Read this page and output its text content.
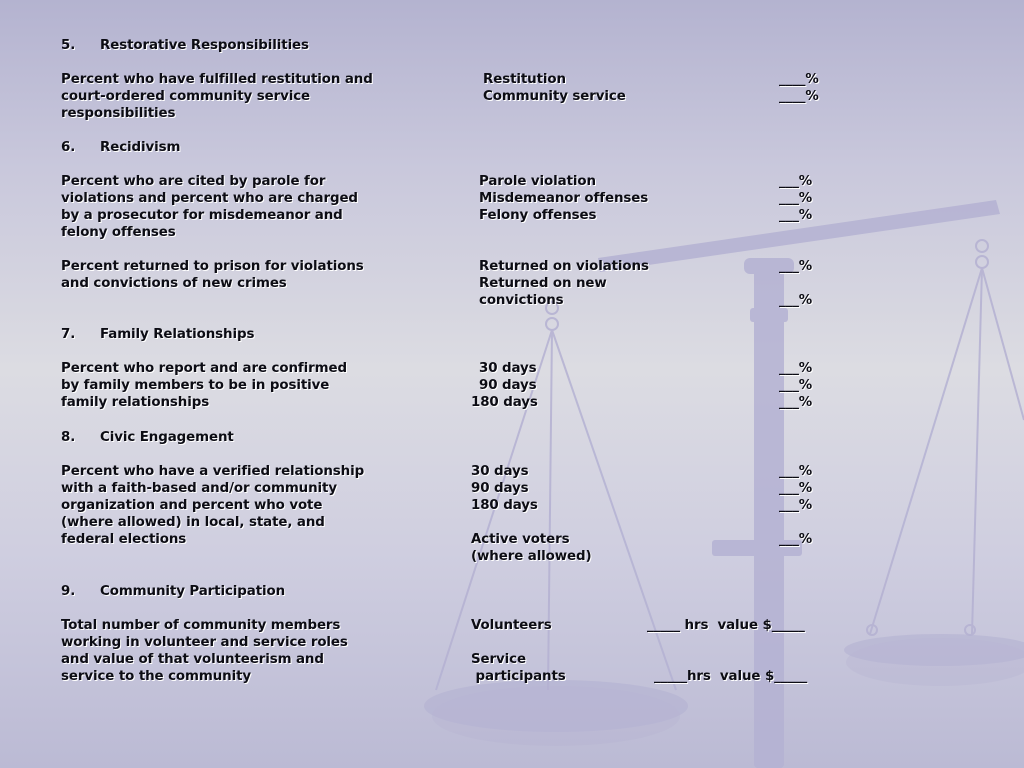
5.	Restorative Responsibilities
Percent who have fulfilled restitution and
court-ordered community service
responsibilities
Restitution	____%
Community service	____%
6.	Recidivism
Percent who are cited by parole for
violations and percent who are charged
by a prosecutor for misdemeanor and
felony offenses
Parole violation	___%
Misdemeanor offenses	___%
Felony offenses	___%
Percent returned to prison for violations
and convictions of new crimes
Returned on violations	___%
Returned on new
convictions	___%
7.	Family Relationships
Percent who report and are confirmed
by family members to be in positive
family relationships
30 days	___%
90 days	___%
180 days	___%
8.	Civic Engagement
Percent who have a verified relationship
with a faith-based and/or community
organization and percent who vote
(where allowed) in local, state, and
federal elections
30 days	___%
90 days	___%
180 days	___%
Active voters	___%
(where allowed)
9.	Community Participation
Total number of community members
working in volunteer and service roles
and value of that volunteerism and
service to the community
Volunteers	_____ hrs  value $_____
Service
participants	_____hrs  value $_____
